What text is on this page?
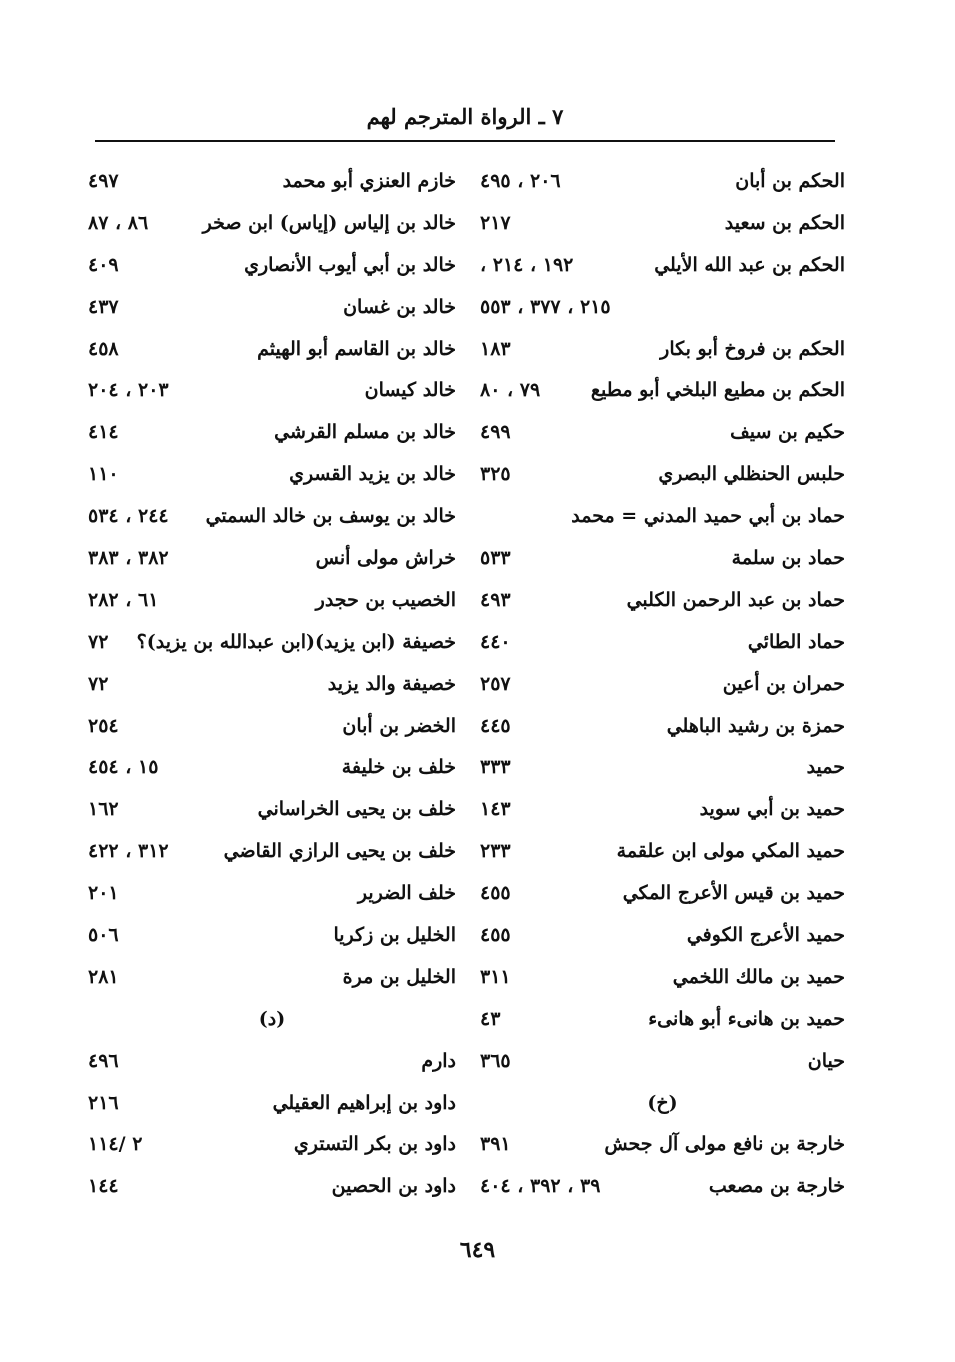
٧ ـ الرواة المترجم لهم
الحكم بن أبان
٢٠٦ ، ٤٩٥
الحكم بن سعيد
٢١٧
الحكم بن عبد الله الأيلي
١٩٢ ، ٢١٤ ،
٢١٥ ، ٣٧٧ ، ٥٥٣
الحكم بن فروخ أبو بكار
١٨٣
الحكم بن مطيع البلخي أبو مطيع
٧٩ ، ٨٠
حكيم بن سيف
٤٩٩
حلبس الحنظلي البصري
٣٢٥
حماد بن أبي حميد المدني = محمد
حماد بن سلمة
٥٣٣
حماد بن عبد الرحمن الكلبي
٤٩٣
حماد الطائي
٤٤٠
حمران بن أعين
٢٥٧
حمزة بن رشيد الباهلي
٤٤٥
حميد
٣٣٣
حميد بن أبي سويد
١٤٣
حميد المكي مولى ابن علقمة
٢٣٣
حميد بن قيس الأعرج المكي
٤٥٥
حميد الأعرج الكوفي
٤٥٥
حميد بن مالك اللخمي
٣١١
حميد بن هانىء أبو هانىء
٤٣
حيان
٣٦٥
(خ)
خارجة بن نافع مولى آل جحش
٣٩١
خارجة بن مصعب
٣٩ ، ٣٩٢ ، ٤٠٤
خازم العنزي أبو محمد
٤٩٧
خالد بن إلياس (إياس) ابن صخر
٨٦ ، ٨٧
خالد بن أبي أيوب الأنصاري
٤٠٩
خالد بن غسان
٤٣٧
خالد بن القاسم أبو الهيثم
٤٥٨
خالد كيسان
٢٠٣ ، ٢٠٤
خالد بن مسلم القرشي
٤١٤
خالد بن يزيد القسري
١١٠
خالد بن يوسف بن خالد السمتي
٢٤٤ ، ٥٣٤
خراش مولى أنس
٣٨٢ ، ٣٨٣
الخصيب بن حجدر
٦١ ، ٢٨٢
خصيفة (ابن يزيد)(ابن عبدالله بن يزيد)؟
٧٢
خصيفة والد يزيد
٧٢
الخضر بن أبان
٢٥٤
خلف بن خليفة
١٥ ، ٤٥٤
خلف بن يحيى الخراساني
١٦٢
خلف بن يحيى الرازي القاضي
٣١٢ ، ٤٢٢
خلف الضرير
٢٠١
الخليل بن زكريا
٥٠٦
الخليل بن مرة
٢٨١
(د)
دارم
٤٩٦
داود بن إبراهيم العقيلي
٢١٦
داود بن بكر التستري
٢ /١١٤
داود بن الحصين
١٤٤
٦٤٩
